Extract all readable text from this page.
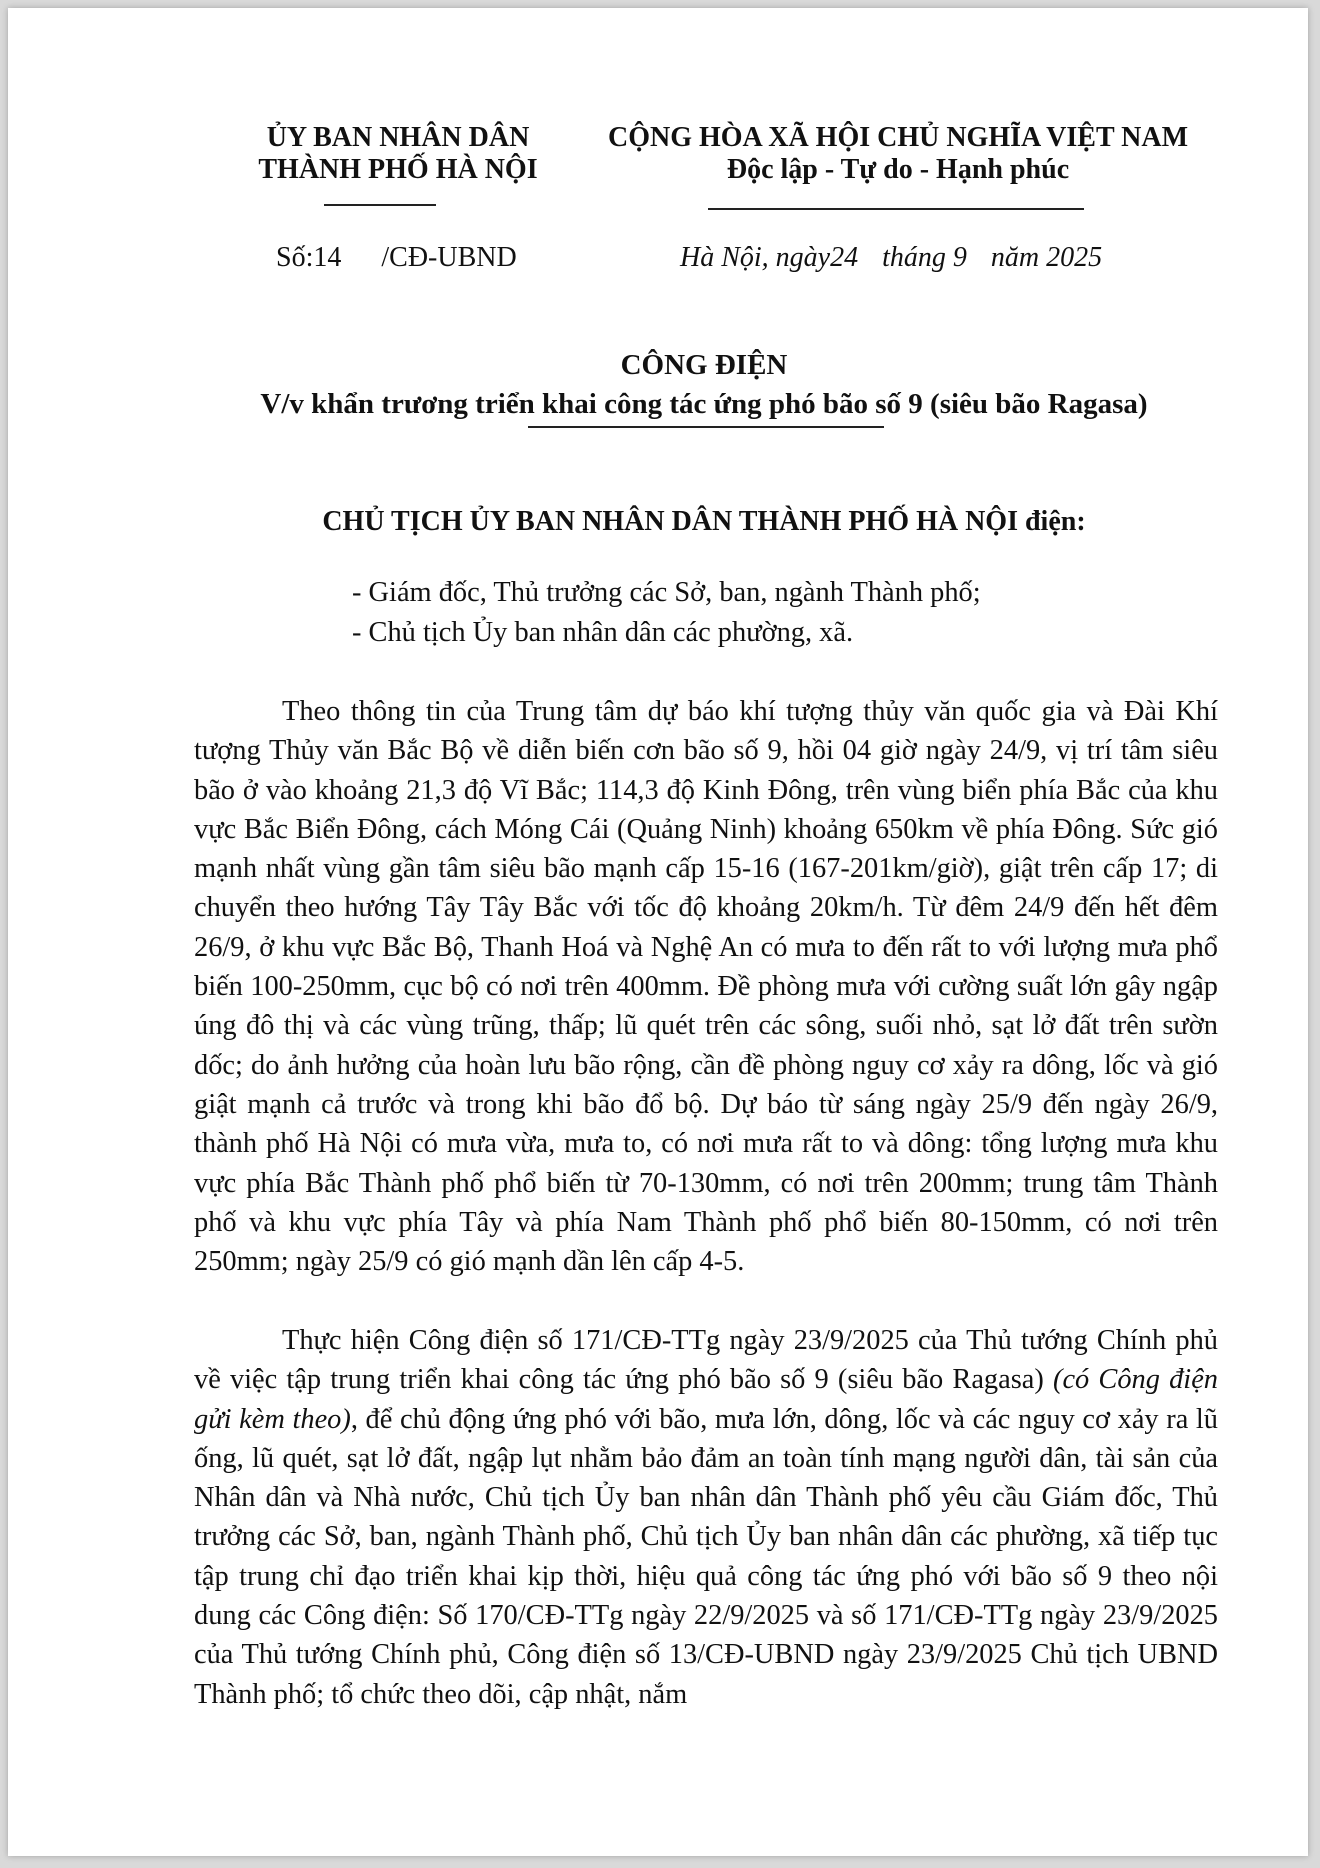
ỦY BAN NHÂN DÂN
THÀNH PHỐ HÀ NỘI
CỘNG HÒA XÃ HỘI CHỦ NGHĨA VIỆT NAM
Độc lập - Tự do - Hạnh phúc
Số:14 /CĐ-UBND	Hà Nội, ngày24 tháng 9 năm 2025
CÔNG ĐIỆN
V/v khẩn trương triển khai công tác ứng phó bão số 9 (siêu bão Ragasa)
CHỦ TỊCH ỦY BAN NHÂN DÂN THÀNH PHỐ HÀ NỘI điện:
- Giám đốc, Thủ trưởng các Sở, ban, ngành Thành phố;
- Chủ tịch Ủy ban nhân dân các phường, xã.

Theo thông tin của Trung tâm dự báo khí tượng thủy văn quốc gia và Đài Khí tượng Thủy văn Bắc Bộ về diễn biến cơn bão số 9, hồi 04 giờ ngày 24/9, vị trí tâm siêu bão ở vào khoảng 21,3 độ Vĩ Bắc; 114,3 độ Kinh Đông, trên vùng biển phía Bắc của khu vực Bắc Biển Đông, cách Móng Cái (Quảng Ninh) khoảng 650km về phía Đông. Sức gió mạnh nhất vùng gần tâm siêu bão mạnh cấp 15-16 (167-201km/giờ), giật trên cấp 17; di chuyển theo hướng Tây Tây Bắc với tốc độ khoảng 20km/h. Từ đêm 24/9 đến hết đêm 26/9, ở khu vực Bắc Bộ, Thanh Hoá và Nghệ An có mưa to đến rất to với lượng mưa phổ biến 100-250mm, cục bộ có nơi trên 400mm. Đề phòng mưa với cường suất lớn gây ngập úng đô thị và các vùng trũng, thấp; lũ quét trên các sông, suối nhỏ, sạt lở đất trên sườn dốc; do ảnh hưởng của hoàn lưu bão rộng, cần đề phòng nguy cơ xảy ra dông, lốc và gió giật mạnh cả trước và trong khi bão đổ bộ. Dự báo từ sáng ngày 25/9 đến ngày 26/9, thành phố Hà Nội có mưa vừa, mưa to, có nơi mưa rất to và dông: tổng lượng mưa khu vực phía Bắc Thành phố phổ biến từ 70-130mm, có nơi trên 200mm; trung tâm Thành phố và khu vực phía Tây và phía Nam Thành phố phổ biến 80-150mm, có nơi trên 250mm; ngày 25/9 có gió mạnh dần lên cấp 4-5.

Thực hiện Công điện số 171/CĐ-TTg ngày 23/9/2025 của Thủ tướng Chính phủ về việc tập trung triển khai công tác ứng phó bão số 9 (siêu bão Ragasa) (có Công điện gửi kèm theo), để chủ động ứng phó với bão, mưa lớn, dông, lốc và các nguy cơ xảy ra lũ ống, lũ quét, sạt lở đất, ngập lụt nhằm bảo đảm an toàn tính mạng người dân, tài sản của Nhân dân và Nhà nước, Chủ tịch Ủy ban nhân dân Thành phố yêu cầu Giám đốc, Thủ trưởng các Sở, ban, ngành Thành phố, Chủ tịch Ủy ban nhân dân các phường, xã tiếp tục tập trung chỉ đạo triển khai kịp thời, hiệu quả công tác ứng phó với bão số 9 theo nội dung các Công điện: Số 170/CĐ-TTg ngày 22/9/2025 và số 171/CĐ-TTg ngày 23/9/2025 của Thủ tướng Chính phủ, Công điện số 13/CĐ-UBND ngày 23/9/2025 Chủ tịch UBND Thành phố; tổ chức theo dõi, cập nhật, nắm
